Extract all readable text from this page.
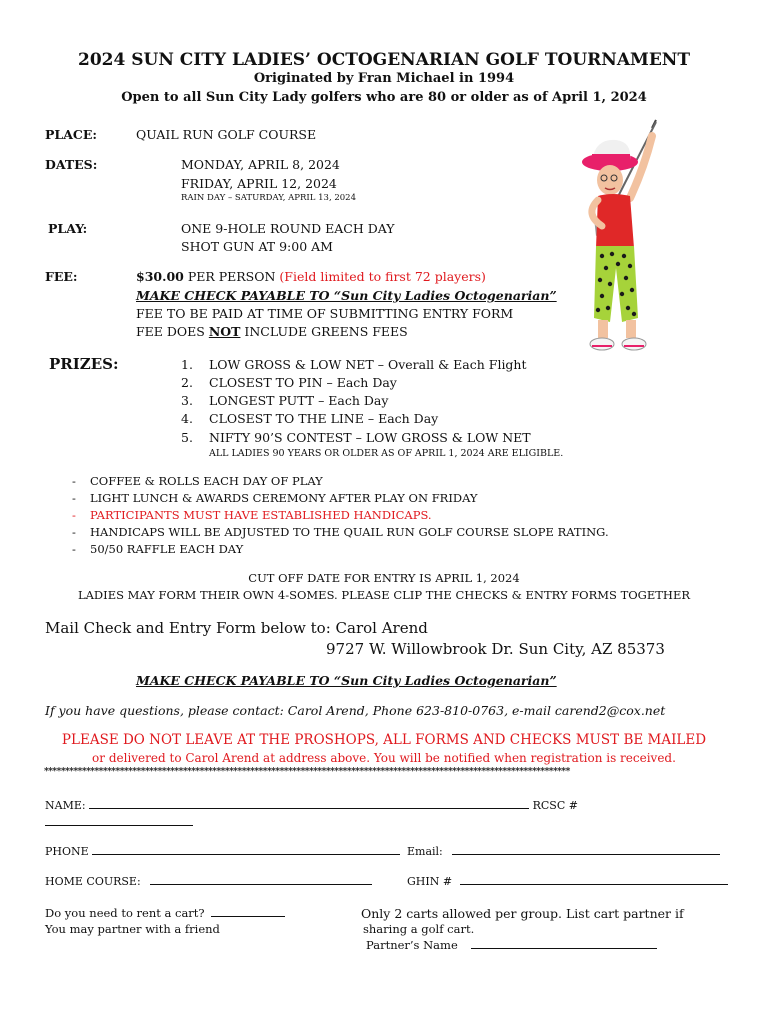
2024 SUN CITY LADIES’ OCTOGENARIAN GOLF TOURNAMENT
Originated by Fran Michael in 1994
Open to all Sun City Lady golfers who are 80 or older as of April 1, 2024
PLACE:	QUAIL RUN GOLF COURSE
DATES:	MONDAY, APRIL 8, 2024
FRIDAY, APRIL 12, 2024
RAIN DAY – SATURDAY, APRIL 13, 2024
PLAY:	ONE 9-HOLE ROUND EACH DAY
SHOT GUN AT 9:00 AM
FEE:	$30.00 PER PERSON (Field limited to first 72 players)
MAKE CHECK PAYABLE TO “Sun City Ladies Octogenarian”
FEE TO BE PAID AT TIME OF SUBMITTING ENTRY FORM
FEE DOES NOT INCLUDE GREENS FEES
PRIZES:	1. LOW GROSS & LOW NET – Overall & Each Flight
2. CLOSEST TO PIN – Each Day
3. LONGEST PUTT – Each Day
4. CLOSEST TO THE LINE – Each Day
5. NIFTY 90’S CONTEST – LOW GROSS & LOW NET
ALL LADIES 90 YEARS OR OLDER AS OF APRIL 1, 2024 ARE ELIGIBLE.
- COFFEE & ROLLS EACH DAY OF PLAY
- LIGHT LUNCH & AWARDS CEREMONY AFTER PLAY ON FRIDAY
- PARTICIPANTS MUST HAVE ESTABLISHED HANDICAPS.
- HANDICAPS WILL BE ADJUSTED TO THE QUAIL RUN GOLF COURSE SLOPE RATING.
- 50/50 RAFFLE EACH DAY
CUT OFF DATE FOR ENTRY IS APRIL 1, 2024
LADIES MAY FORM THEIR OWN 4-SOMES. PLEASE CLIP THE CHECKS & ENTRY FORMS TOGETHER
Mail Check and Entry Form below to: Carol Arend
9727 W. Willowbrook Dr. Sun City, AZ 85373
MAKE CHECK PAYABLE TO “Sun City Ladies Octogenarian”
If you have questions, please contact: Carol Arend, Phone 623-810-0763, e-mail carend2@cox.net
PLEASE DO NOT LEAVE AT THE PROSHOPS, ALL FORMS AND CHECKS MUST BE MAILED
or delivered to Carol Arend at address above. You will be notified when registration is received.
*****************************************************************************************************************************
NAME:	RCSC #
PHONE	Email:
HOME COURSE:	GHIN #
Do you need to rent a cart?
You may partner with a friend
Only 2 carts allowed per group. List cart partner if
sharing a golf cart.
Partner’s Name
